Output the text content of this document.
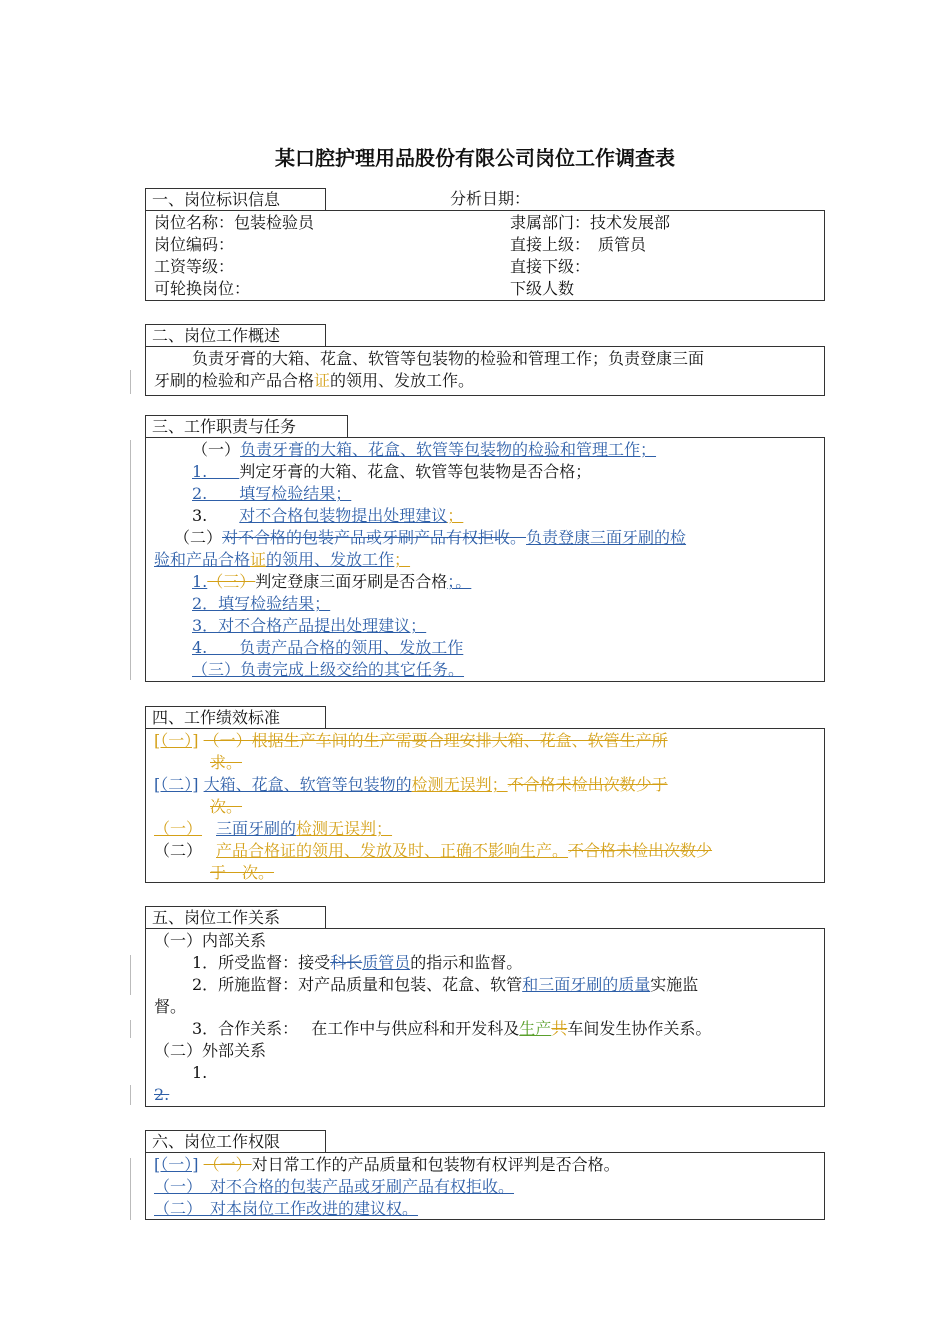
某口腔护理用品股份有限公司岗位工作调查表
一、岗位标识信息	分析日期：
岗位名称：包装检验员	隶属部门：技术发展部
岗位编码：	直接上级：　质管员
工资等级：	直接下级：
可轮换岗位：	下级人数
二、岗位工作概述
负责牙膏的大箱、花盒、软管等包装物的检验和管理工作；负责登康三面
牙刷的检验和产品合格证的领用、发放工作。
三、工作职责与任务
（一）负责牙膏的大箱、花盒、软管等包装物的检验和管理工作；
1.　　判定牙膏的大箱、花盒、软管等包装物是否合格；
2.　　填写检验结果；
3.　　对不合格包装物提出处理建议；
（二）对不合格的包装产品或牙刷产品有权拒收。负责登康三面牙刷的检
验和产品合格证的领用、发放工作；
1.（三）判定登康三面牙刷是否合格；。
2．填写检验结果；
3．对不合格产品提出处理建议；
4.　　负责产品合格的领用、发放工作
（三）负责完成上级交给的其它任务。
四、工作绩效标准
[（一）] （一）根据生产车间的生产需要合理安排大箱、花盒、软管生产所
求。
[（二）] 大箱、花盒、软管等包装物的检测无误判；不合格未检出次数少于
次。
（一） 三面牙刷的检测无误判；
（二） 产品合格证的领用、发放及时、正确不影响生产。不合格未检出次数少
于　次。
五、岗位工作关系
（一）内部关系
1．所受监督：接受科长质管员的指示和监督。
2．所施监督：对产品质量和包装、花盒、软管和三面牙刷的质量实施监
督。
3．合作关系：　 在工作中与供应科和开发科及生产共车间发生协作关系。
（二）外部关系
1.
2.
六、岗位工作权限
[（一）] （一）对日常工作的产品质量和包装物有权评判是否合格。
（一）　对不合格的包装产品或牙刷产品有权拒收。
（二）　对本岗位工作改进的建议权。
